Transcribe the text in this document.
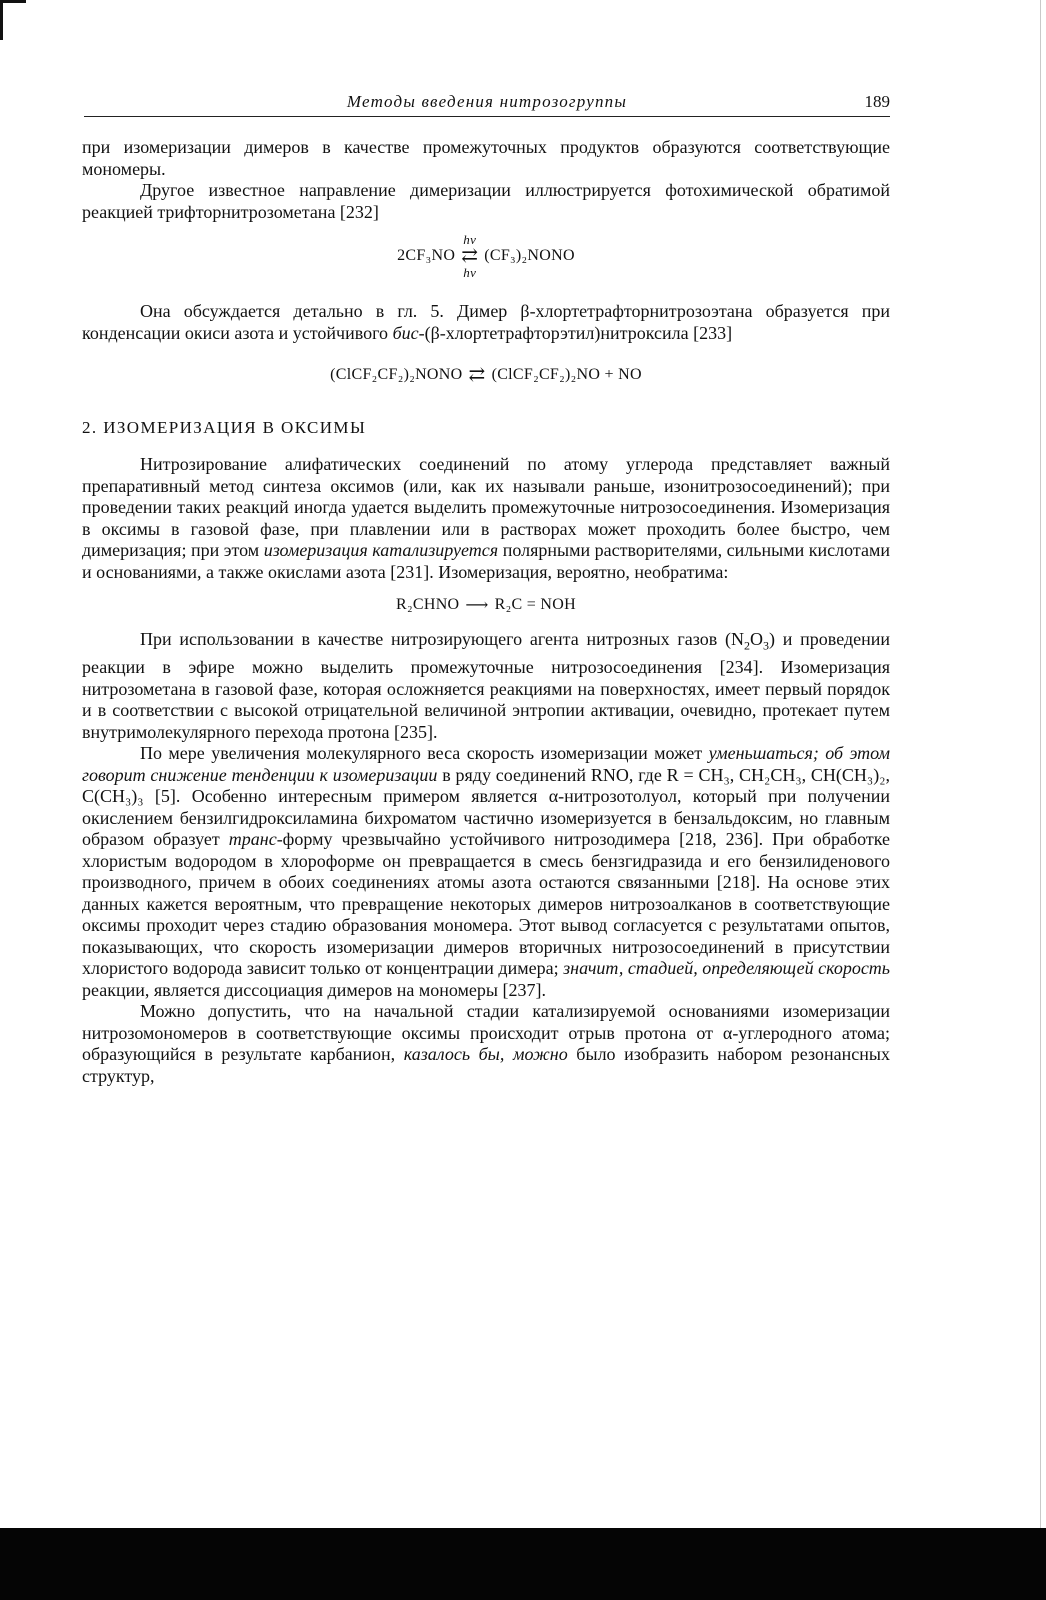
Методы введения нитрозогруппы	189

при изомеризации димеров в качестве промежуточных продуктов образуются соответствующие мономеры.

Другое известное направление димеризации иллюстрируется фотохимической обратимой реакцией трифторнитрозометана [232]

2CF₃NO
hν
⇄
hν
(CF₃)₂NONO

Она обсуждается детально в гл. 5. Димер β-хлортетрафторнитрозоэтана образуется при конденсации окиси азота и устойчивого бис-(β-хлортетрафторэтил)нитроксила [233]

(ClCF₂CF₂)₂NONO ⇄ (ClCF₂CF₂)₂NO + NO
2. ИЗОМЕРИЗАЦИЯ В ОКСИМЫ

Нитрозирование алифатических соединений по атому углерода представляет важный препаративный метод синтеза оксимов (или, как их называли раньше, изонитрозосоединений); при проведении таких реакций иногда удается выделить промежуточные нитрозосоединения. Изомеризация в оксимы в газовой фазе, при плавлении или в растворах может проходить более быстро, чем димеризация; при этом изомеризация катализируется полярными растворителями, сильными кислотами и основаниями, а также окислами азота [231]. Изомеризация, вероятно, необратима:

R₂CHNO ⟶ R₂C = NOH

При использовании в качестве нитрозирующего агента нитрозных газов $(N_2O_3)$ и проведении реакции в эфире можно выделить промежуточные нитрозосоединения [234]. Изомеризация нитрозометана в газовой фазе, которая осложняется реакциями на поверхностях, имеет первый порядок и в соответствии с высокой отрицательной величиной энтропии активации, очевидно, протекает путем внутримолекулярного перехода протона [235].

По мере увеличения молекулярного веса скорость изомеризации может уменьшаться; об этом говорит снижение тенденции к изомеризации в ряду соединений RNO, где R = CH₃, CH₂CH₃, CH(CH₃)₂, C(CH₃)₃ [5]. Особенно интересным примером является α-нитрозотолуол, который при получении окислением бензилгидроксиламина бихроматом частично изомеризуется в бензальдоксим, но главным образом образует транс-форму чрезвычайно устойчивого нитрозодимера [218, 236]. При обработке хлористым водородом в хлороформе он превращается в смесь бензгидразида и его бензилиденового производного, причем в обоих соединениях атомы азота остаются связанными [218]. На основе этих данных кажется вероятным, что превращение некоторых димеров нитрозоалканов в соответствующие оксимы проходит через стадию образования мономера. Этот вывод согласуется с результатами опытов, показывающих, что скорость изомеризации димеров вторичных нитрозосоединений в присутствии хлористого водорода зависит только от концентрации димера; значит, стадией, определяющей скорость реакции, является диссоциация димеров на мономеры [237].

Можно допустить, что на начальной стадии катализируемой основаниями изомеризации нитрозомономеров в соответствующие оксимы происходит отрыв протона от α-углеродного атома; образующийся в результате карбанион, казалось бы, можно было изобразить набором резонансных структур,
